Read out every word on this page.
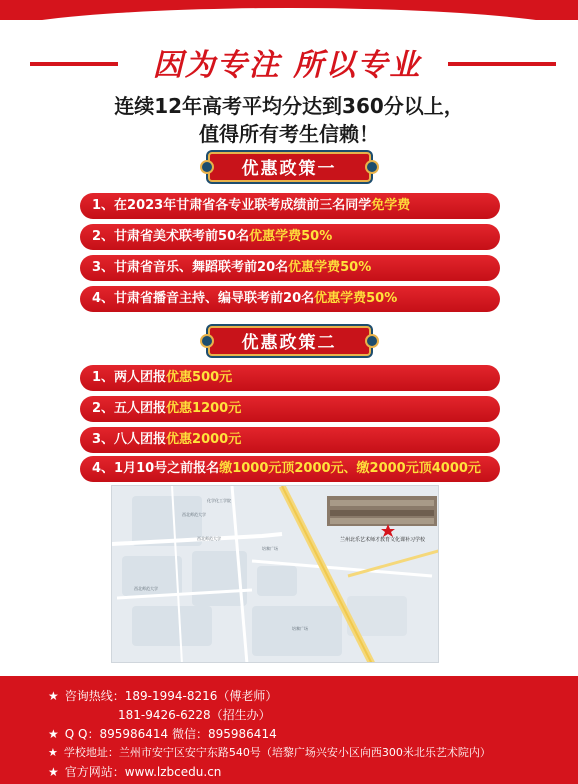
因为专注 所以专业
连续12年高考平均分达到360分以上，
值得所有考生信赖！
优惠政策一
1、在2023年甘肃省各专业联考成绩前三名同学免学费
2、甘肃省美术联考前50名优惠学费50%
3、甘肃省音乐、舞蹈联考前20名优惠学费50%
4、甘肃省播音主持、编导联考前20名优惠学费50%
优惠政策二
1、两人团报优惠500元
2、五人团报优惠1200元
3、八人团报优惠2000元
4、1月10号之前报名缴1000元顶2000元、缴2000元顶4000元
兰州北乐艺术师才教育文化课补习学校
化学化工学院
西北师范大学
西北师范大学
西北师范大学
培黎广场
培黎广场
★ 咨询热线：189-1994-8216（傅老师）
181-9426-6228（招生办）
★ Q Q：895986414 微信：895986414
★ 学校地址：兰州市安宁区安宁东路540号（培黎广场兴安小区向西300米北乐艺术院内）
★ 官方网站：www.lzbcedu.cn
